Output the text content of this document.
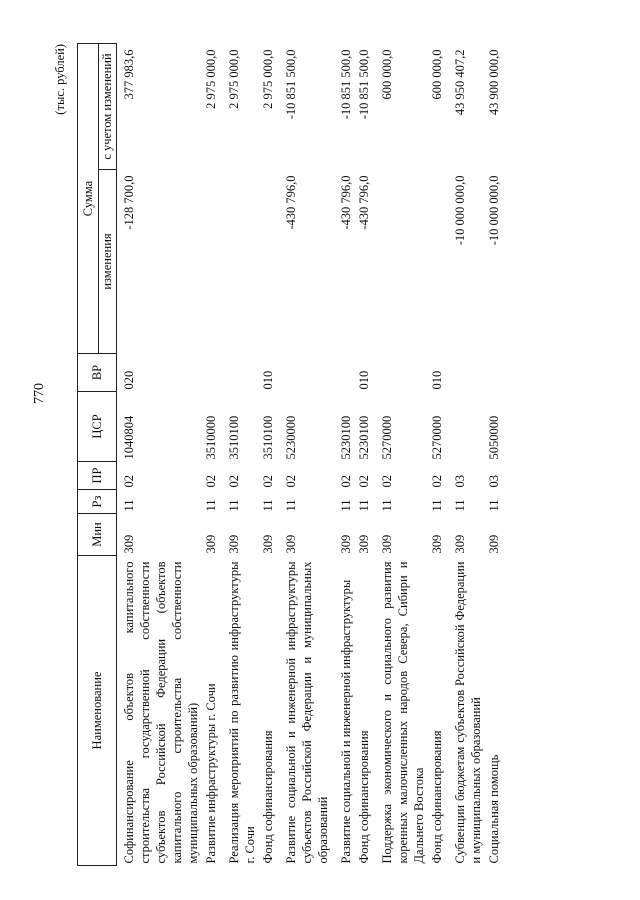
770
(тыс. рублей)
Наименование	Мин	Рз	ПР	ЦСР	ВР	Сумма	
						изменения	с учетом изменений
Софинансирование объектов капитального строительства государственной собственности субъектов Российской Федерации (объектов капитального строительства собственности муниципальных образований)	309	11	02	1040804	020	-128 700,0	377 983,6
Развитие инфраструктуры г. Сочи	309	11	02	3510000			2 975 000,0
Реализация мероприятий по развитию инфраструктуры г. Сочи	309	11	02	3510100			2 975 000,0
Фонд софинансирования	309	11	02	3510100	010		2 975 000,0
Развитие социальной и инженерной инфраструктуры субъектов Российской Федерации и муниципальных образований	309	11	02	5230000		-430 796,0	-10 851 500,0
Развитие социальной и инженерной инфраструктуры	309	11	02	5230100		-430 796,0	-10 851 500,0
Фонд софинансирования	309	11	02	5230100	010	-430 796,0	-10 851 500,0
Поддержка экономического и социального развития коренных малочисленных народов Севера, Сибири и Дальнего Востока	309	11	02	5270000			600 000,0
Фонд софинансирования	309	11	02	5270000	010		600 000,0
Субвенции бюджетам субъектов Российской Федерации и муниципальных образований	309	11	03			-10 000 000,0	43 950 407,2
Социальная помощь	309	11	03	5050000		-10 000 000,0	43 900 000,0
